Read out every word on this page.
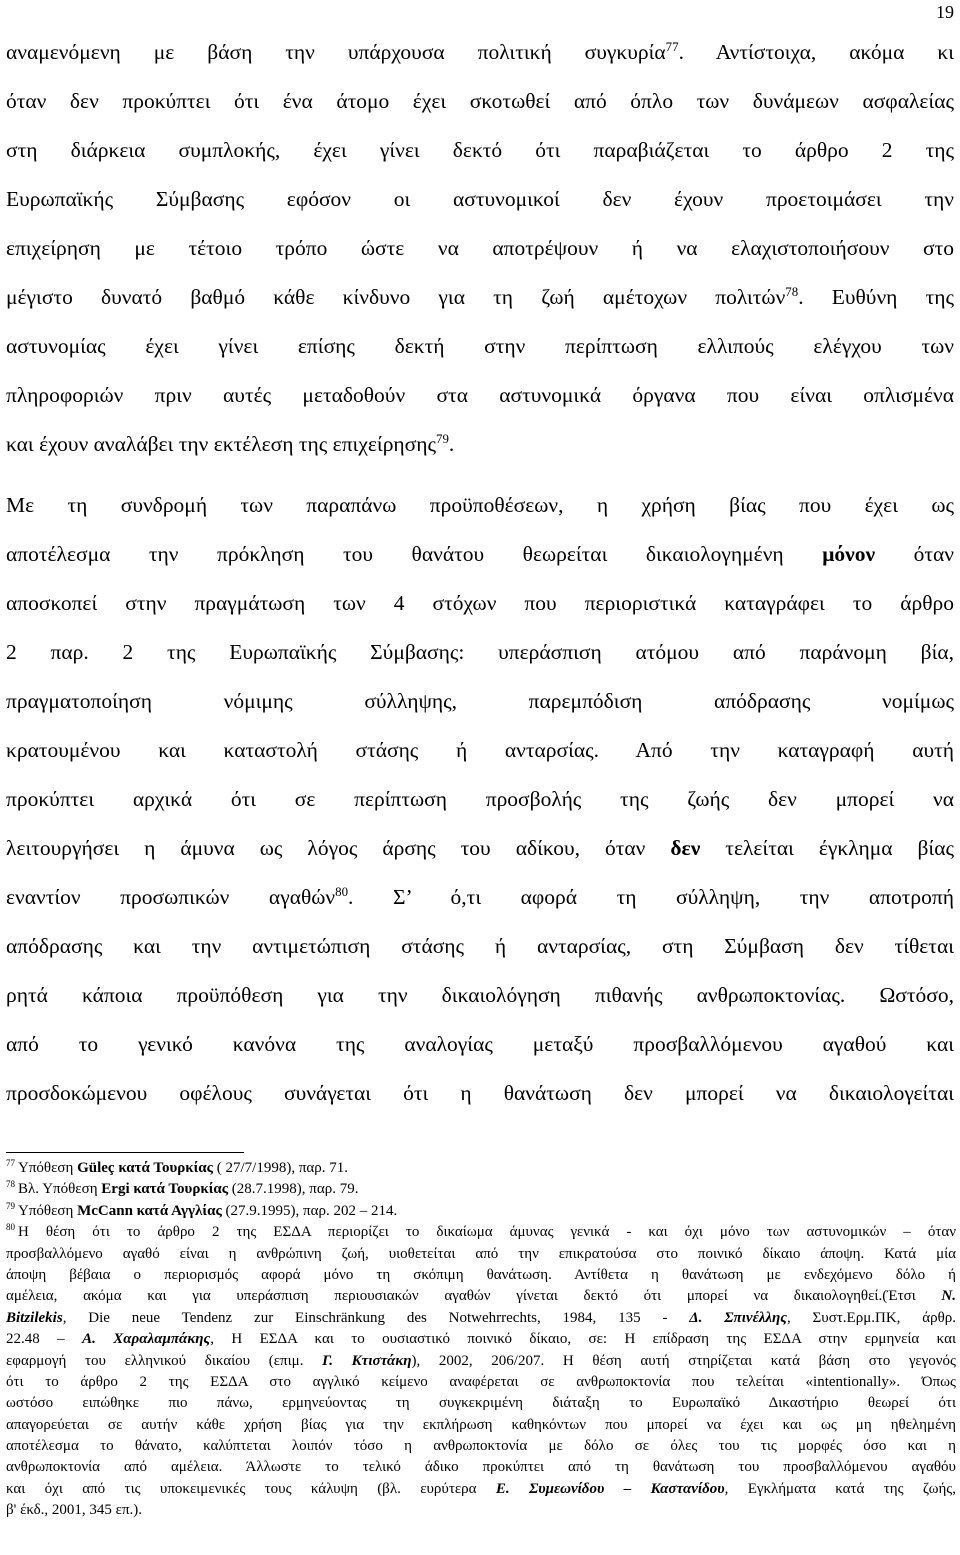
19
αναμενόμενη με βάση την υπάρχουσα πολιτική συγκυρία$^{77}$. Αντίστοιχα, ακόμα κι
όταν δεν προκύπτει ότι ένα άτομο έχει σκοτωθεί από όπλο των δυνάμεων ασφαλείας
στη διάρκεια συμπλοκής, έχει γίνει δεκτό ότι παραβιάζεται το άρθρο 2 της
Ευρωπαϊκής Σύμβασης εφόσον οι αστυνομικοί δεν έχουν προετοιμάσει την
επιχείρηση με τέτοιο τρόπο ώστε να αποτρέψουν ή να ελαχιστοποιήσουν στο
μέγιστο δυνατό βαθμό κάθε κίνδυνο για τη ζωή αμέτοχων πολιτών$^{78}$. Ευθύνη της
αστυνομίας έχει γίνει επίσης δεκτή στην περίπτωση ελλιπούς ελέγχου των
πληροφοριών πριν αυτές μεταδοθούν στα αστυνομικά όργανα που είναι οπλισμένα
και έχουν αναλάβει την εκτέλεση της επιχείρησης$^{79}$.
Με τη συνδρομή των παραπάνω προϋποθέσεων, η χρήση βίας που έχει ως
αποτέλεσμα την πρόκληση του θανάτου θεωρείται δικαιολογημένη μόνον όταν
αποσκοπεί στην πραγμάτωση των 4 στόχων που περιοριστικά καταγράφει το άρθρο
2 παρ. 2 της Ευρωπαϊκής Σύμβασης: υπεράσπιση ατόμου από παράνομη βία,
πραγματοποίηση νόμιμης σύλληψης, παρεμπόδιση απόδρασης νομίμως
κρατουμένου και καταστολή στάσης ή ανταρσίας. Από την καταγραφή αυτή
προκύπτει αρχικά ότι σε περίπτωση προσβολής της ζωής δεν μπορεί να
λειτουργήσει η άμυνα ως λόγος άρσης του αδίκου, όταν δεν τελείται έγκλημα βίας
εναντίον προσωπικών αγαθών$^{80}$. Σ’ ό,τι αφορά τη σύλληψη, την αποτροπή
απόδρασης και την αντιμετώπιση στάσης ή ανταρσίας, στη Σύμβαση δεν τίθεται
ρητά κάποια προϋπόθεση για την δικαιολόγηση πιθανής ανθρωποκτονίας. Ωστόσο,
από το γενικό κανόνα της αναλογίας μεταξύ προσβαλλόμενου αγαθού και
προσδοκώμενου οφέλους συνάγεται ότι η θανάτωση δεν μπορεί να δικαιολογείται
$^{77}$ Υπόθεση Güleç κατά Τουρκίας ( 27/7/1998), παρ. 71.
$^{78}$ Βλ. Υπόθεση Ergi κατά Τουρκίας (28.7.1998), παρ. 79.
$^{79}$ Υπόθεση McCann κατά Αγγλίας (27.9.1995), παρ. 202 – 214.
$^{80}$ Η θέση ότι το άρθρο 2 της ΕΣΔΑ περιορίζει το δικαίωμα άμυνας γενικά - και όχι μόνο των αστυνομικών – όταν
προσβαλλόμενο αγαθό είναι η ανθρώπινη ζωή, υιοθετείται από την επικρατούσα στο ποινικό δίκαιο άποψη. Κατά μία
άποψη βέβαια ο περιορισμός αφορά μόνο τη σκόπιμη θανάτωση. Αντίθετα η θανάτωση με ενδεχόμενο δόλο ή
αμέλεια, ακόμα και για υπεράσπιση περιουσιακών αγαθών γίνεται δεκτό ότι μπορεί να δικαιολογηθεί.(Έτσι N.
Bitzilekis, Die neue Tendenz zur Einschränkung des Notwehrrechts, 1984, 135 - Δ. Σπινέλλης, Συστ.Ερμ.ΠΚ, άρθρ.
22.48 – Α. Χαραλαμπάκης, Η ΕΣΔΑ και το ουσιαστικό ποινικό δίκαιο, σε: Η επίδραση της ΕΣΔΑ στην ερμηνεία και
εφαρμογή του ελληνικού δικαίου (επιμ. Γ. Κτιστάκη), 2002, 206/207. Η θέση αυτή στηρίζεται κατά βάση στο γεγονός
ότι το άρθρο 2 της ΕΣΔΑ στο αγγλικό κείμενο αναφέρεται σε ανθρωποκτονία που τελείται «intentionally». Όπως
ωστόσο ειπώθηκε πιο πάνω, ερμηνεύοντας τη συγκεκριμένη διάταξη το Ευρωπαϊκό Δικαστήριο θεωρεί ότι
απαγορεύεται σε αυτήν κάθε χρήση βίας για την εκπλήρωση καθηκόντων που μπορεί να έχει και ως μη ηθελημένη
αποτέλεσμα το θάνατο, καλύπτεται λοιπόν τόσο η ανθρωποκτονία με δόλο σε όλες του τις μορφές όσο και η
ανθρωποκτονία από αμέλεια. Άλλωστε το τελικό άδικο προκύπτει από τη θανάτωση του προσβαλλόμενου αγαθόυ
και όχι από τις υποκειμενικές τους κάλυψη (βλ. ευρύτερα Ε. Συμεωνίδου – Καστανίδου, Εγκλήματα κατά της ζωής,
β' έκδ., 2001, 345 επ.).
